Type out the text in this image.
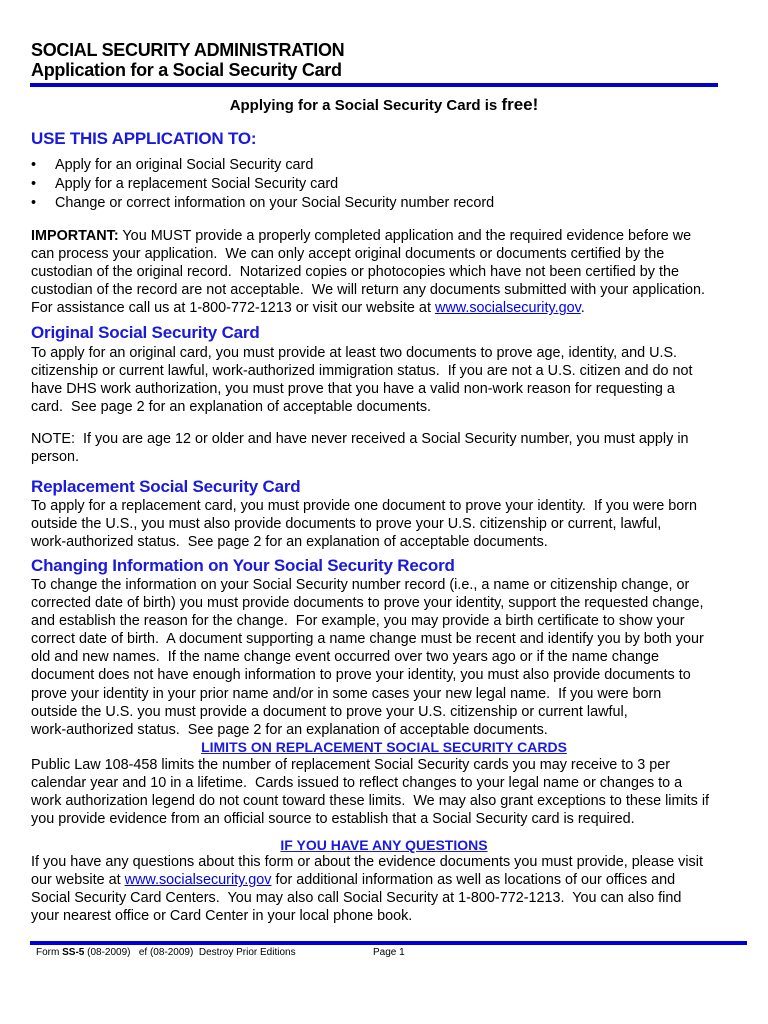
SOCIAL SECURITY ADMINISTRATION
Application for a Social Security Card
Applying for a Social Security Card is free!
USE THIS APPLICATION TO:
• Apply for an original Social Security card
• Apply for a replacement Social Security card
• Change or correct information on your Social Security number record
IMPORTANT: You MUST provide a properly completed application and the required evidence before we
can process your application.  We can only accept original documents or documents certified by the
custodian of the original record.  Notarized copies or photocopies which have not been certified by the
custodian of the record are not acceptable.  We will return any documents submitted with your application.
For assistance call us at 1-800-772-1213 or visit our website at www.socialsecurity.gov.
Original Social Security Card
To apply for an original card, you must provide at least two documents to prove age, identity, and U.S.
citizenship or current lawful, work-authorized immigration status.  If you are not a U.S. citizen and do not
have DHS work authorization, you must prove that you have a valid non-work reason for requesting a
card.  See page 2 for an explanation of acceptable documents.
NOTE:  If you are age 12 or older and have never received a Social Security number, you must apply in
person.
Replacement Social Security Card
To apply for a replacement card, you must provide one document to prove your identity.  If you were born
outside the U.S., you must also provide documents to prove your U.S. citizenship or current, lawful,
work-authorized status.  See page 2 for an explanation of acceptable documents.
Changing Information on Your Social Security Record
To change the information on your Social Security number record (i.e., a name or citizenship change, or
corrected date of birth) you must provide documents to prove your identity, support the requested change,
and establish the reason for the change.  For example, you may provide a birth certificate to show your
correct date of birth.  A document supporting a name change must be recent and identify you by both your
old and new names.  If the name change event occurred over two years ago or if the name change
document does not have enough information to prove your identity, you must also provide documents to
prove your identity in your prior name and/or in some cases your new legal name.  If you were born
outside the U.S. you must provide a document to prove your U.S. citizenship or current lawful,
work-authorized status.  See page 2 for an explanation of acceptable documents.
LIMITS ON REPLACEMENT SOCIAL SECURITY CARDS
Public Law 108-458 limits the number of replacement Social Security cards you may receive to 3 per
calendar year and 10 in a lifetime.  Cards issued to reflect changes to your legal name or changes to a
work authorization legend do not count toward these limits.  We may also grant exceptions to these limits if
you provide evidence from an official source to establish that a Social Security card is required.
IF YOU HAVE ANY QUESTIONS
If you have any questions about this form or about the evidence documents you must provide, please visit
our website at www.socialsecurity.gov for additional information as well as locations of our offices and
Social Security Card Centers.  You may also call Social Security at 1-800-772-1213.  You can also find
your nearest office or Card Center in your local phone book.
Form SS-5 (08-2009)   ef (08-2009)  Destroy Prior Editions	Page 1
